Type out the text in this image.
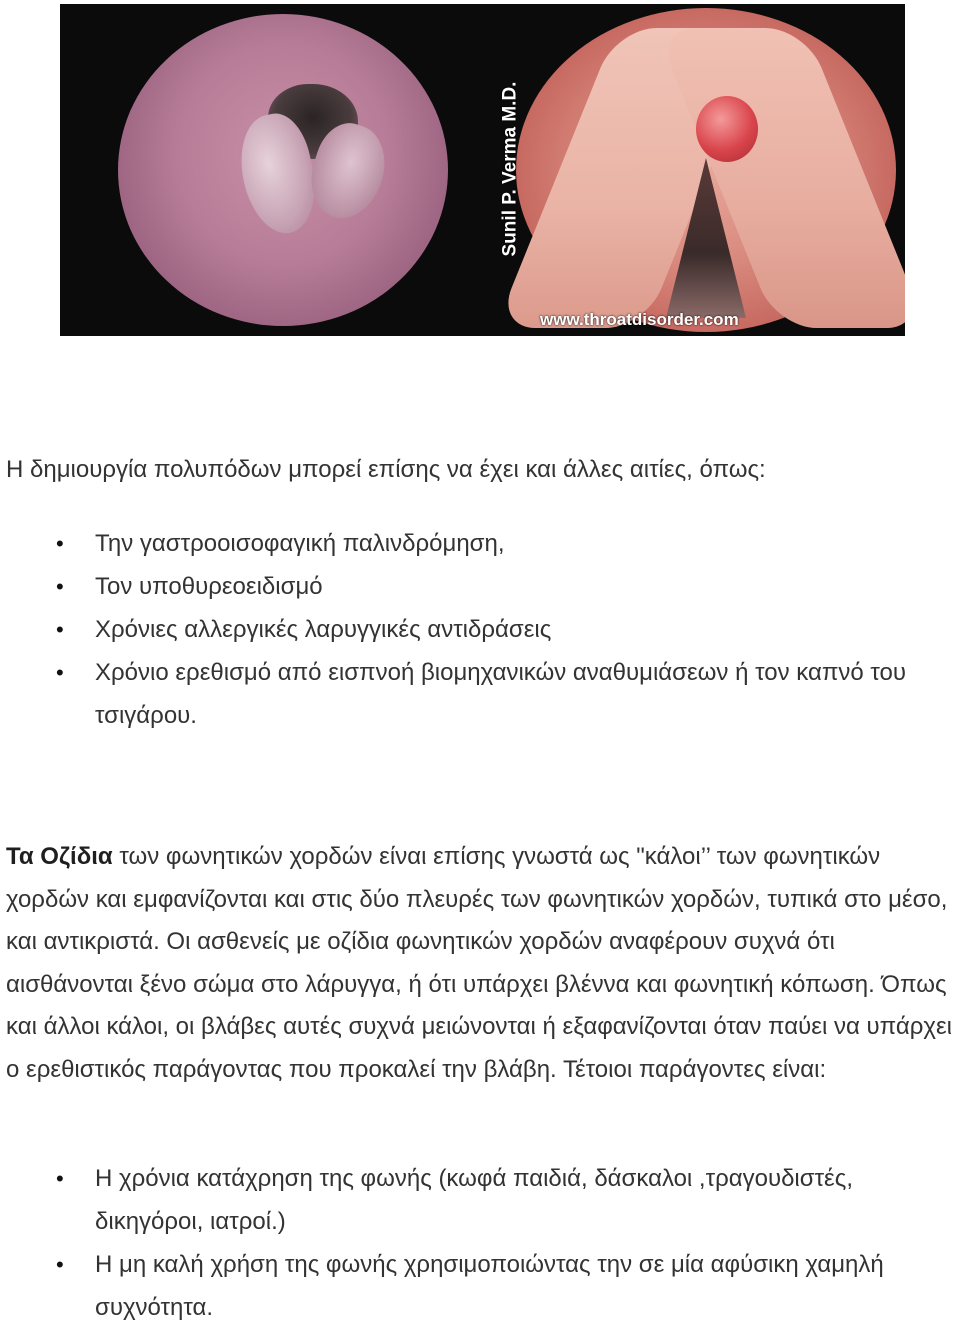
Sunil P. Verma M.D.
www.throatdisorder.com
Η δημιουργία πολυπόδων μπορεί επίσης να έχει και άλλες αιτίες, όπως:
• Την γαστροοισοφαγική παλινδρόμηση,
• Τον υποθυρεοειδισμό
• Χρόνιες αλλεργικές λαρυγγικές αντιδράσεις
• Χρόνιο ερεθισμό από εισπνοή βιομηχανικών αναθυμιάσεων ή τον καπνό του τσιγάρου.
Τα Οζίδια των φωνητικών χορδών είναι επίσης γνωστά ως "κάλοι’’ των φωνητικών χορδών και εμφανίζονται και στις δύο πλευρές των φωνητικών χορδών, τυπικά στο μέσο, και αντικριστά. Οι ασθενείς με οζίδια φωνητικών χορδών αναφέρουν συχνά ότι αισθάνονται ξένο σώμα στο λάρυγγα, ή ότι υπάρχει βλέννα και φωνητική κόπωση. Όπως και άλλοι κάλοι, οι βλάβες αυτές συχνά μειώνονται ή εξαφανίζονται όταν παύει να υπάρχει ο ερεθιστικός παράγοντας που προκαλεί την βλάβη. Τέτοιοι παράγοντες είναι:
• Η χρόνια κατάχρηση της φωνής (κωφά παιδιά, δάσκαλοι ,τραγουδιστές, δικηγόροι, ιατροί.)
• Η μη καλή χρήση της φωνής χρησιμοποιώντας την σε μία αφύσικη χαμηλή συχνότητα.
